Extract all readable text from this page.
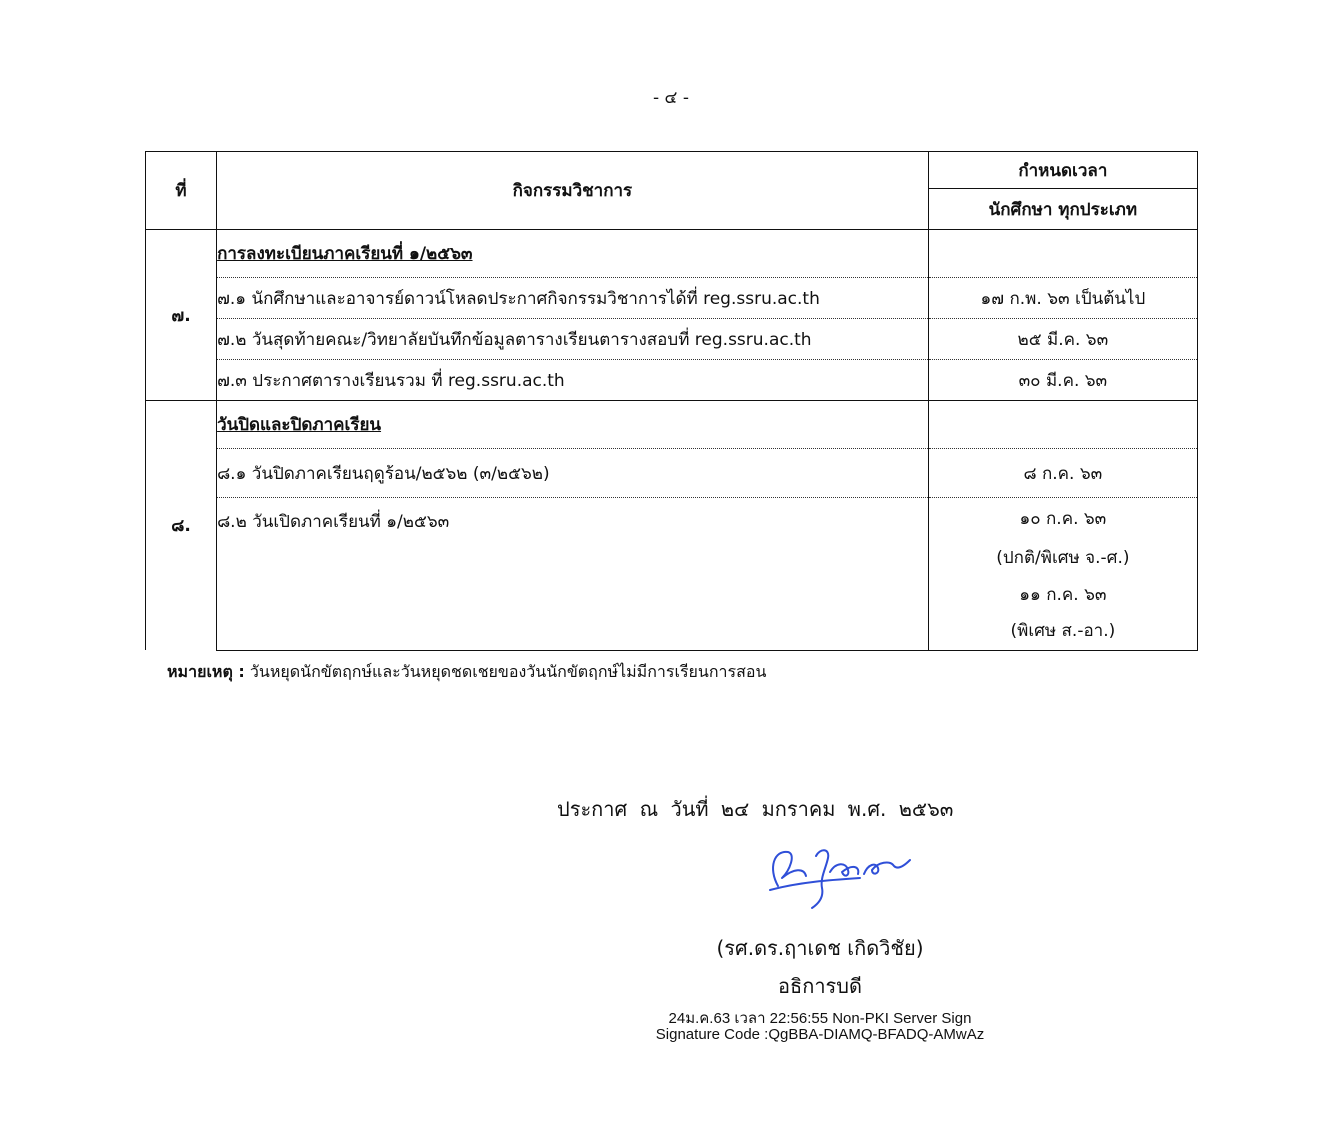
- ๔ -
ที่	กิจกรรมวิชาการ	กำหนดเวลา
		นักศึกษา ทุกประเภท
๗.	การลงทะเบียนภาคเรียนที่ ๑/๒๕๖๓	
	๗.๑ นักศึกษาและอาจารย์ดาวน์โหลดประกาศกิจกรรมวิชาการได้ที่ reg.ssru.ac.th	๑๗ ก.พ. ๖๓ เป็นต้นไป
	๗.๒ วันสุดท้ายคณะ/วิทยาลัยบันทึกข้อมูลตารางเรียนตารางสอบที่ reg.ssru.ac.th	๒๕ มี.ค. ๖๓
	๗.๓ ประกาศตารางเรียนรวม ที่ reg.ssru.ac.th	๓๐ มี.ค. ๖๓
๘.	วันปิดและปิดภาคเรียน	
	๘.๑ วันปิดภาคเรียนฤดูร้อน/๒๕๖๒ (๓/๒๕๖๒)	๘ ก.ค. ๖๓
	๘.๒ วันเปิดภาคเรียนที่ ๑/๒๕๖๓	๑๐ ก.ค. ๖๓
(ปกติ/พิเศษ จ.-ศ.)
๑๑ ก.ค. ๖๓
(พิเศษ ส.-อา.)
หมายเหตุ : วันหยุดนักขัตฤกษ์และวันหยุดชดเชยของวันนักขัตฤกษ์ไม่มีการเรียนการสอน
ประกาศ ณ วันที่ ๒๔ มกราคม พ.ศ. ๒๕๖๓
(รศ.ดร.ฤาเดช เกิดวิชัย)
อธิการบดี
24ม.ค.63 เวลา 22:56:55 Non-PKI Server Sign
Signature Code :QgBBA-DIAMQ-BFADQ-AMwAz
